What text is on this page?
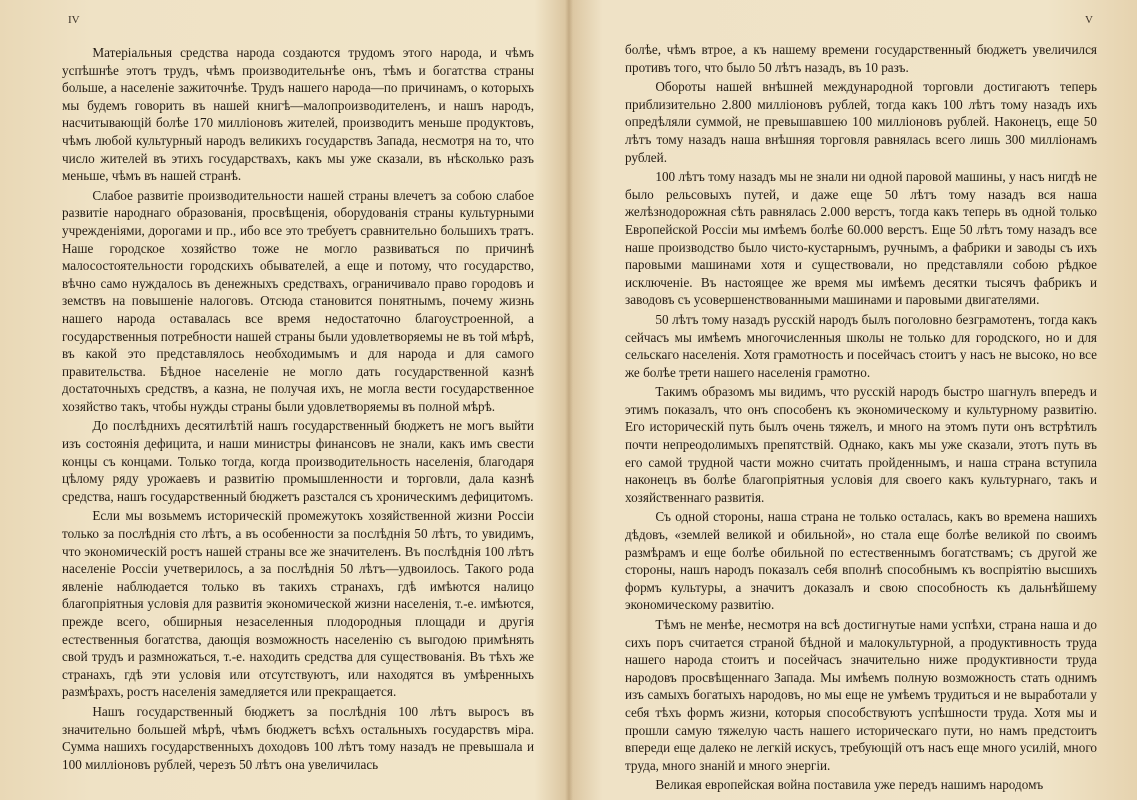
IV

Матеріальныя средства народа создаются трудомъ этого народа, и чѣмъ успѣшнѣе этотъ трудъ, чѣмъ производительнѣе онъ, тѣмъ и богатства страны больше, а населеніе зажиточнѣе. Трудъ нашего народа—по причинамъ, о которыхъ мы будемъ говорить въ нашей книгѣ—малопроизводителенъ, и нашъ народъ, насчитывающій болѣе 170 милліоновъ жителей, производитъ меньше продуктовъ, чѣмъ любой культурный народъ великихъ государствъ Запада, несмотря на то, что число жителей въ этихъ государствахъ, какъ мы уже сказали, въ нѣсколько разъ меньше, чѣмъ въ нашей странѣ.

Слабое развитіе производительности нашей страны влечетъ за собою слабое развитіе народнаго образованія, просвѣщенія, оборудованія страны культурными учрежденіями, дорогами и пр., ибо все это требуетъ сравнительно большихъ тратъ. Наше городское хозяйство тоже не могло развиваться по причинѣ малосостоятельности городскихъ обывателей, а еще и потому, что государство, вѣчно само нуждалось въ денежныхъ средствахъ, ограничивало право городовъ и земствъ на повышеніе налоговъ. Отсюда становится понятнымъ, почему жизнь нашего народа оставалась все время недостаточно благоустроенной, а государственныя потребности нашей страны были удовлетворяемы не въ той мѣрѣ, въ какой это представлялось необходимымъ и для народа и для самого правительства. Бѣдное населеніе не могло дать государственной казнѣ достаточныхъ средствъ, а казна, не получая ихъ, не могла вести государственное хозяйство такъ, чтобы нужды страны были удовлетворяемы въ полной мѣрѣ.

До послѣднихъ десятилѣтій нашъ государственный бюджетъ не могъ выйти изъ состоянія дефицита, и наши министры финансовъ не знали, какъ имъ свести концы съ концами. Только тогда, когда производительность населенія, благодаря цѣлому ряду урожаевъ и развитію промышленности и торговли, дала казнѣ средства, нашъ государственный бюджетъ разстался съ хроническимъ дефицитомъ.

Если мы возьмемъ историческій промежутокъ хозяйственной жизни Россіи только за послѣднія сто лѣтъ, а въ особенности за послѣднія 50 лѣтъ, то увидимъ, что экономическій ростъ нашей страны все же значителенъ. Въ послѣднія 100 лѣтъ населеніе Россіи учетверилось, а за послѣднія 50 лѣтъ—удвоилось. Такого рода явленіе наблюдается только въ такихъ странахъ, гдѣ имѣются налицо благопріятныя условія для развитія экономической жизни населенія, т.-е. имѣются, прежде всего, обширныя незаселенныя плодородныя площади и другія естественныя богатства, дающія возможность населенію съ выгодою примѣнять свой трудъ и размножаться, т.-е. находить средства для существованія. Въ тѣхъ же странахъ, гдѣ эти условія или отсутствуютъ, или находятся въ умѣренныхъ размѣрахъ, ростъ населенія замедляется или прекращается.

Нашъ государственный бюджетъ за послѣднія 100 лѣтъ выросъ въ значительно большей мѣрѣ, чѣмъ бюджетъ всѣхъ остальныхъ государствъ міра. Сумма нашихъ государственныхъ доходовъ 100 лѣтъ тому назадъ не превышала и 100 милліоновъ рублей, черезъ 50 лѣтъ она увеличилась

V

болѣе, чѣмъ втрое, а къ нашему времени государственный бюджетъ увеличился противъ того, что было 50 лѣтъ назадъ, въ 10 разъ.

Обороты нашей внѣшней международной торговли достигаютъ теперь приблизительно 2.800 милліоновъ рублей, тогда какъ 100 лѣтъ тому назадъ ихъ опредѣляли суммой, не превышавшею 100 милліоновъ рублей. Наконецъ, еще 50 лѣтъ тому назадъ наша внѣшняя торговля равнялась всего лишь 300 милліонамъ рублей.

100 лѣтъ тому назадъ мы не знали ни одной паровой машины, у насъ нигдѣ не было рельсовыхъ путей, и даже еще 50 лѣтъ тому назадъ вся наша желѣзнодорожная сѣть равнялась 2.000 верстъ, тогда какъ теперь въ одной только Европейской Россіи мы имѣемъ болѣе 60.000 верстъ. Еще 50 лѣтъ тому назадъ все наше производство было чисто-кустарнымъ, ручнымъ, а фабрики и заводы съ ихъ паровыми машинами хотя и существовали, но представляли собою рѣдкое исключеніе. Въ настоящее же время мы имѣемъ десятки тысячъ фабрикъ и заводовъ съ усовершенствованными машинами и паровыми двигателями.

50 лѣтъ тому назадъ русскій народъ былъ поголовно безграмотенъ, тогда какъ сейчасъ мы имѣемъ многочисленныя школы не только для городского, но и для сельскаго населенія. Хотя грамотность и посейчасъ стоитъ у насъ не высоко, но все же болѣе трети нашего населенія грамотно.

Такимъ образомъ мы видимъ, что русскій народъ быстро шагнулъ впередъ и этимъ показалъ, что онъ способенъ къ экономическому и культурному развитію. Его историческій путь былъ очень тяжелъ, и много на этомъ пути онъ встрѣтилъ почти непреодолимыхъ препятствій. Однако, какъ мы уже сказали, этотъ путь въ его самой трудной части можно считать пройденнымъ, и наша страна вступила наконецъ въ болѣе благопріятныя условія для своего какъ культурнаго, такъ и хозяйственнаго развитія.

Съ одной стороны, наша страна не только осталась, какъ во времена нашихъ дѣдовъ, «землей великой и обильной», но стала еще болѣе великой по своимъ размѣрамъ и еще болѣе обильной по естественнымъ богатствамъ; съ другой же стороны, нашъ народъ показалъ себя вполнѣ способнымъ къ воспріятію высшихъ формъ культуры, а значитъ доказалъ и свою способность къ дальнѣйшему экономическому развитію.

Тѣмъ не менѣе, несмотря на всѣ достигнутые нами успѣхи, страна наша и до сихъ поръ считается страной бѣдной и малокультурной, а продуктивность труда нашего народа стоитъ и посейчасъ значительно ниже продуктивности труда народовъ просвѣщеннаго Запада. Мы имѣемъ полную возможность стать однимъ изъ самыхъ богатыхъ народовъ, но мы еще не умѣемъ трудиться и не выработали у себя тѣхъ формъ жизни, которыя способствуютъ успѣшности труда. Хотя мы и прошли самую тяжелую часть нашего историческаго пути, но намъ предстоитъ впереди еще далеко не легкій искусъ, требующій отъ насъ еще много усилій, много труда, много знаній и много энергіи.

Великая европейская война поставила уже передъ нашимъ народомъ
